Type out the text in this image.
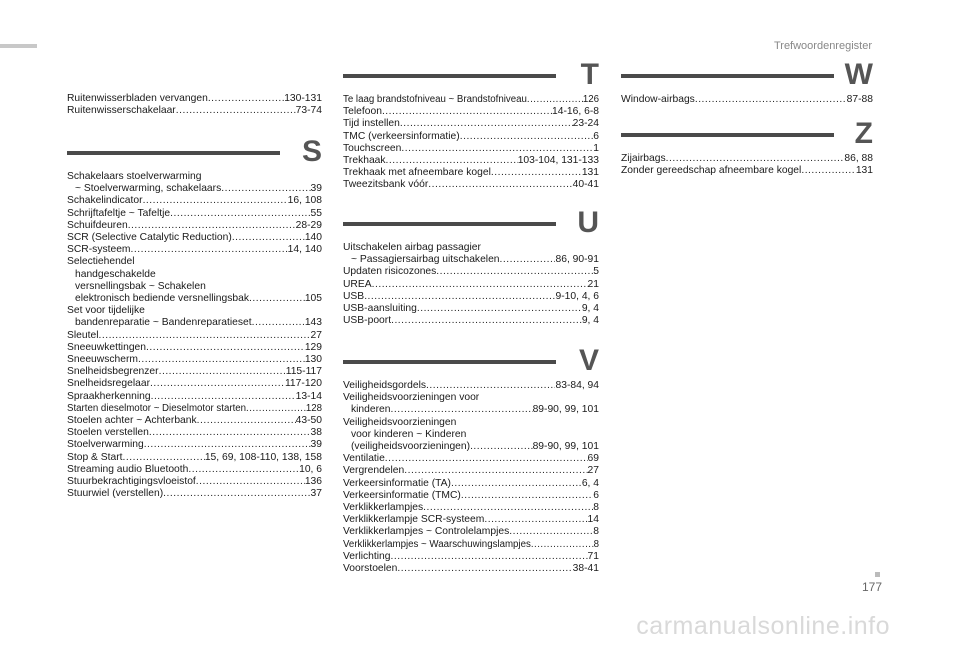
Trefwoordenregister
Ruitenwisserbladen vervangen .....	130-131
Ruitenwisserschakelaar .....	73-74
S
Schakelaars stoelverwarming
~ Stoelverwarming, schakelaars .....	39
Schakelindicator .....	16, 108
Schrijftafeltje ~ Tafeltje .....	55
Schuifdeuren .....	28-29
SCR (Selective Catalytic Reduction) .....	140
SCR-systeem .....	14, 140
Selectiehendel
handgeschakelde
versnellingsbak ~ Schakelen
elektronisch bediende versnellingsbak .....	105
Set voor tijdelijke
bandenreparatie ~ Bandenreparatieset .....	143
Sleutel .....	27
Sneeuwkettingen .....	129
Sneeuwscherm .....	130
Snelheidsbegrenzer .....	115-117
Snelheidsregelaar .....	117-120
Spraakherkenning .....	13-14
Starten dieselmotor ~ Dieselmotor starten .....	128
Stoelen achter ~ Achterbank .....	43-50
Stoelen verstellen .....	38
Stoelverwarming .....	39
Stop & Start .....	15, 69, 108-110, 138, 158
Streaming audio Bluetooth .....	10, 6
Stuurbekrachtigingsvloeistof .....	136
Stuurwiel (verstellen) .....	37
T
Te laag brandstofniveau ~ Brandstofniveau .....	126
Telefoon .....	14-16, 6-8
Tijd instellen .....	23-24
TMC (verkeersinformatie) .....	6
Touchscreen .....	1
Trekhaak .....	103-104, 131-133
Trekhaak met afneembare kogel .....	131
Tweezitsbank vóór .....	40-41
U
Uitschakelen airbag passagier
~ Passagiersairbag uitschakelen .....	86, 90-91
Updaten risicozones .....	5
UREA .....	21
USB .....	9-10, 4, 6
USB-aansluiting .....	9, 4
USB-poort .....	9, 4
V
Veiligheidsgordels .....	83-84, 94
Veiligheidsvoorzieningen voor
kinderen .....	89-90, 99, 101
Veiligheidsvoorzieningen
voor kinderen ~ Kinderen
(veiligheidsvoorzieningen) .....	89-90, 99, 101
Ventilatie .....	69
Vergrendelen .....	27
Verkeersinformatie (TA) .....	6, 4
Verkeersinformatie (TMC) .....	6
Verklikkerlampjes .....	8
Verklikkerlampje SCR-systeem .....	14
Verklikkerlampjes ~ Controlelampjes .....	8
Verklikkerlampjes ~ Waarschuwingslampjes .....	8
Verlichting .....	71
Voorstoelen .....	38-41
W
Window-airbags .....	87-88
Z
Zijairbags .....	86, 88
Zonder gereedschap afneembare kogel .....	131
177
carmanualsonline.info
